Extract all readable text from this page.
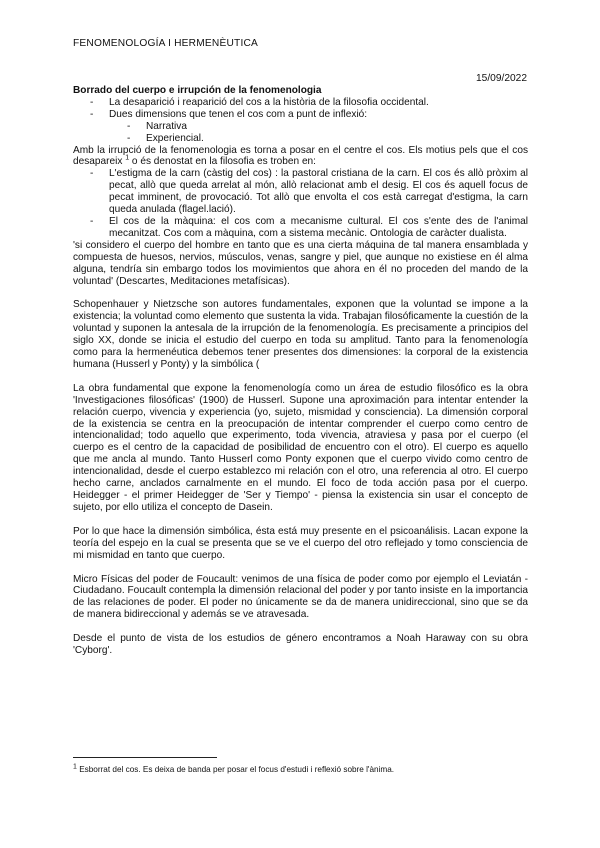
FENOMENOLOGÍA I HERMENÈUTICA
15/09/2022

Borrado del cuerpo e irrupción de la fenomenologia

- La desaparició i reaparició del cos a la història de la filosofia occidental.
- Dues dimensions que tenen el cos com a punt de inflexió:
- Narrativa
- Experiencial.

Amb la irrupció de la fenomenologia es torna a posar en el centre el cos. Els motius pels que el cos desapareix $^1$ o és denostat en la filosofia es troben en:

- L'estigma de la carn (càstig del cos) : la pastoral cristiana de la carn. El cos és allò pròxim al pecat, allò que queda arrelat al món, allò relacionat amb el desig. El cos és aquell focus de pecat imminent, de provocació. Tot allò que envolta el cos està carregat d'estigma, la carn queda anulada (flagel.lació).
- El cos de la màquina: el cos com a mecanisme cultural. El cos s'ente des de l'animal mecanitzat. Cos com a màquina, com a sistema mecànic. Ontologia de caràcter dualista.

'si considero el cuerpo del hombre en tanto que es una cierta máquina de tal manera ensamblada y compuesta de huesos, nervios, músculos, venas, sangre y piel, que aunque no existiese en él alma alguna, tendría sin embargo todos los movimientos que ahora en él no proceden del mando de la voluntad' (Descartes, Meditaciones metafísicas).

Schopenhauer y Nietzsche son autores fundamentales, exponen que la voluntad se impone a la existencia; la voluntad como elemento que sustenta la vida. Trabajan filosóficamente la cuestión de la voluntad y suponen la antesala de la irrupción de la fenomenología. Es precisamente a principios del siglo XX, donde se inicia el estudio del cuerpo en toda su amplitud. Tanto para la fenomenología como para la hermenéutica debemos tener presentes dos dimensiones: la corporal de la existencia humana (Husserl y Ponty) y la simbólica (

La obra fundamental que expone la fenomenología como un área de estudio filosófico es la obra 'Investigaciones filosóficas' (1900) de Husserl. Supone una aproximación para intentar entender la relación cuerpo, vivencia y experiencia (yo, sujeto, mismidad y consciencia). La dimensión corporal de la existencia se centra en la preocupación de intentar comprender el cuerpo como centro de intencionalidad; todo aquello que experimento, toda vivencia, atraviesa y pasa por el cuerpo (el cuerpo es el centro de la capacidad de posibilidad de encuentro con el otro). El cuerpo es aquello que me ancla al mundo. Tanto Husserl como Ponty exponen que el cuerpo vivido como centro de intencionalidad, desde el cuerpo establezco mi relación con el otro, una referencia al otro. El cuerpo hecho carne, anclados carnalmente en el mundo. El foco de toda acción pasa por el cuerpo. Heidegger - el primer Heidegger de 'Ser y Tiempo' - piensa la existencia sin usar el concepto de sujeto, por ello utiliza el concepto de Dasein.

Por lo que hace la dimensión simbólica, ésta está muy presente en el psicoanálisis. Lacan expone la teoría del espejo en la cual se presenta que se ve el cuerpo del otro reflejado y tomo consciencia de mi mismidad en tanto que cuerpo.

Micro Físicas del poder de Foucault: venimos de una física de poder como por ejemplo el Leviatán - Ciudadano. Foucault contempla la dimensión relacional del poder y por tanto insiste en la importancia de las relaciones de poder. El poder no únicamente se da de manera unidireccional, sino que se da de manera bidireccional y además se ve atravesada.

Desde el punto de vista de los estudios de género encontramos a Noah Haraway con su obra 'Cyborg'.

$^1$ Esborrat del cos. Es deixa de banda per posar el focus d'estudi i reflexió sobre l'ànima.
